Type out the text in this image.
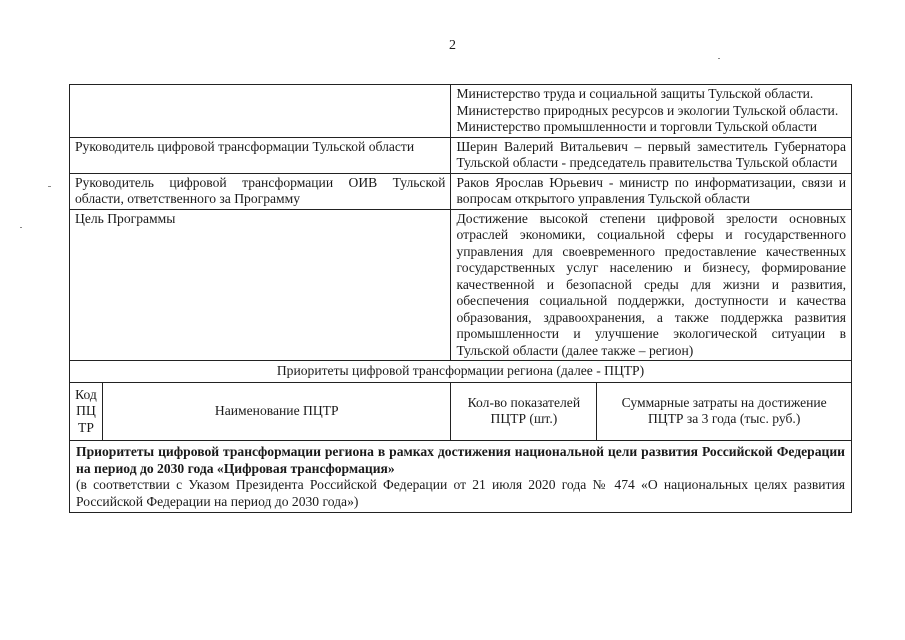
2

		Министерство труда и социальной защиты Тульской области.
Министерство природных ресурсов и экологии Тульской области.
Министерство промышленности и торговли Тульской области	

Руководитель цифровой трансформации Тульской области		Шерин Валерий Витальевич – первый заместитель Губернатора Тульской области - председатель правительства Тульской области	
Руководитель цифровой трансформации ОИВ Тульской области, ответственного за Программу		Раков Ярослав Юрьевич - министр по информатизации, связи и вопросам открытого управления Тульской области	
Цель Программы		Достижение высокой степени цифровой зрелости основных отраслей экономики, социальной сферы и государственного управления для своевременного предоставление качественных государственных услуг населению и бизнесу, формирование качественной и безопасной среды для жизни и развития, обеспечения социальной поддержки, доступности и качества образования, здравоохранения, а также поддержка развития промышленности и улучшение экологической ситуации в Тульской области (далее также – регион)	
Приоритеты цифровой трансформации региона (далее - ПЦТР)			
Код ПЦ ТР	Наименование ПЦТР	Кол-во показателей ПЦТР (шт.)	Суммарные затраты на достижение ПЦТР за 3 года (тыс. руб.)

Приоритеты цифровой трансформации региона в рамках достижения национальной цели развития Российской Федерации на период до 2030 года «Цифровая трансформация»
(в соответствии с Указом Президента Российской Федерации от 21 июля 2020 года № 474 «О национальных целях развития Российской Федерации на период до 2030 года»)			
